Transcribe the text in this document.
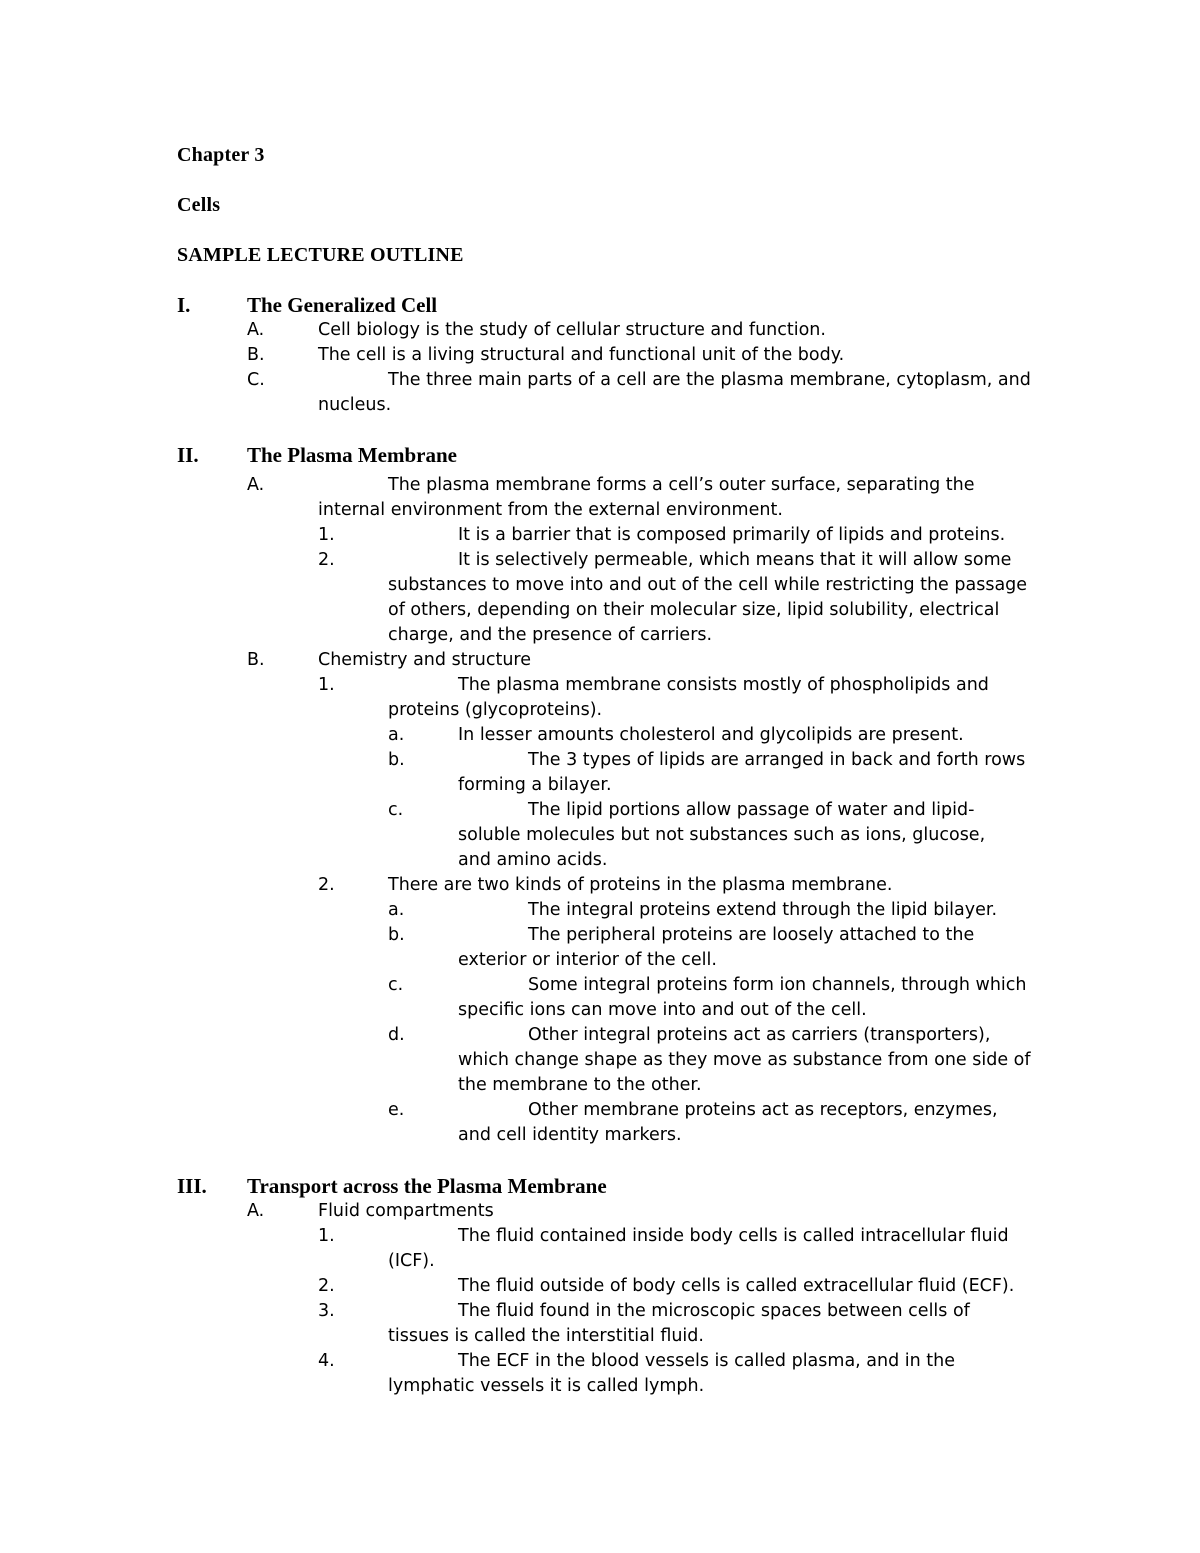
Chapter 3
Cells
SAMPLE LECTURE OUTLINE
I.	The Generalized Cell
A.	Cell biology is the study of cellular structure and function.
B.	The cell is a living structural and functional unit of the body.
C.	The three main parts of a cell are the plasma membrane, cytoplasm, and nucleus.
II. The Plasma Membrane
A.	The plasma membrane forms a cell’s outer surface, separating the internal environment from the external environment.
1.	It is a barrier that is composed primarily of lipids and proteins.
2.	It is selectively permeable, which means that it will allow some substances to move into and out of the cell while restricting the passage of others, depending on their molecular size, lipid solubility, electrical charge, and the presence of carriers.
B.	Chemistry and structure
1.	The plasma membrane consists mostly of phospholipids and proteins (glycoproteins).
a.	In lesser amounts cholesterol and glycolipids are present.
b.	The 3 types of lipids are arranged in back and forth rows forming a bilayer.
c.	The lipid portions allow passage of water and lipid-soluble molecules but not substances such as ions, glucose, and amino acids.
2.	There are two kinds of proteins in the plasma membrane.
a.	The integral proteins extend through the lipid bilayer.
b.	The peripheral proteins are loosely attached to the exterior or interior of the cell.
c.	Some integral proteins form ion channels, through which specific ions can move into and out of the cell.
d.	Other integral proteins act as carriers (transporters), which change shape as they move as substance from one side of the membrane to the other.
e.	Other membrane proteins act as receptors, enzymes, and cell identity markers.
III. Transport across the Plasma Membrane
A.	Fluid compartments
1.	The fluid contained inside body cells is called intracellular fluid (ICF).
2.	The fluid outside of body cells is called extracellular fluid (ECF).
3.	The fluid found in the microscopic spaces between cells of tissues is called the interstitial fluid.
4.	The ECF in the blood vessels is called plasma, and in the lymphatic vessels it is called lymph.
